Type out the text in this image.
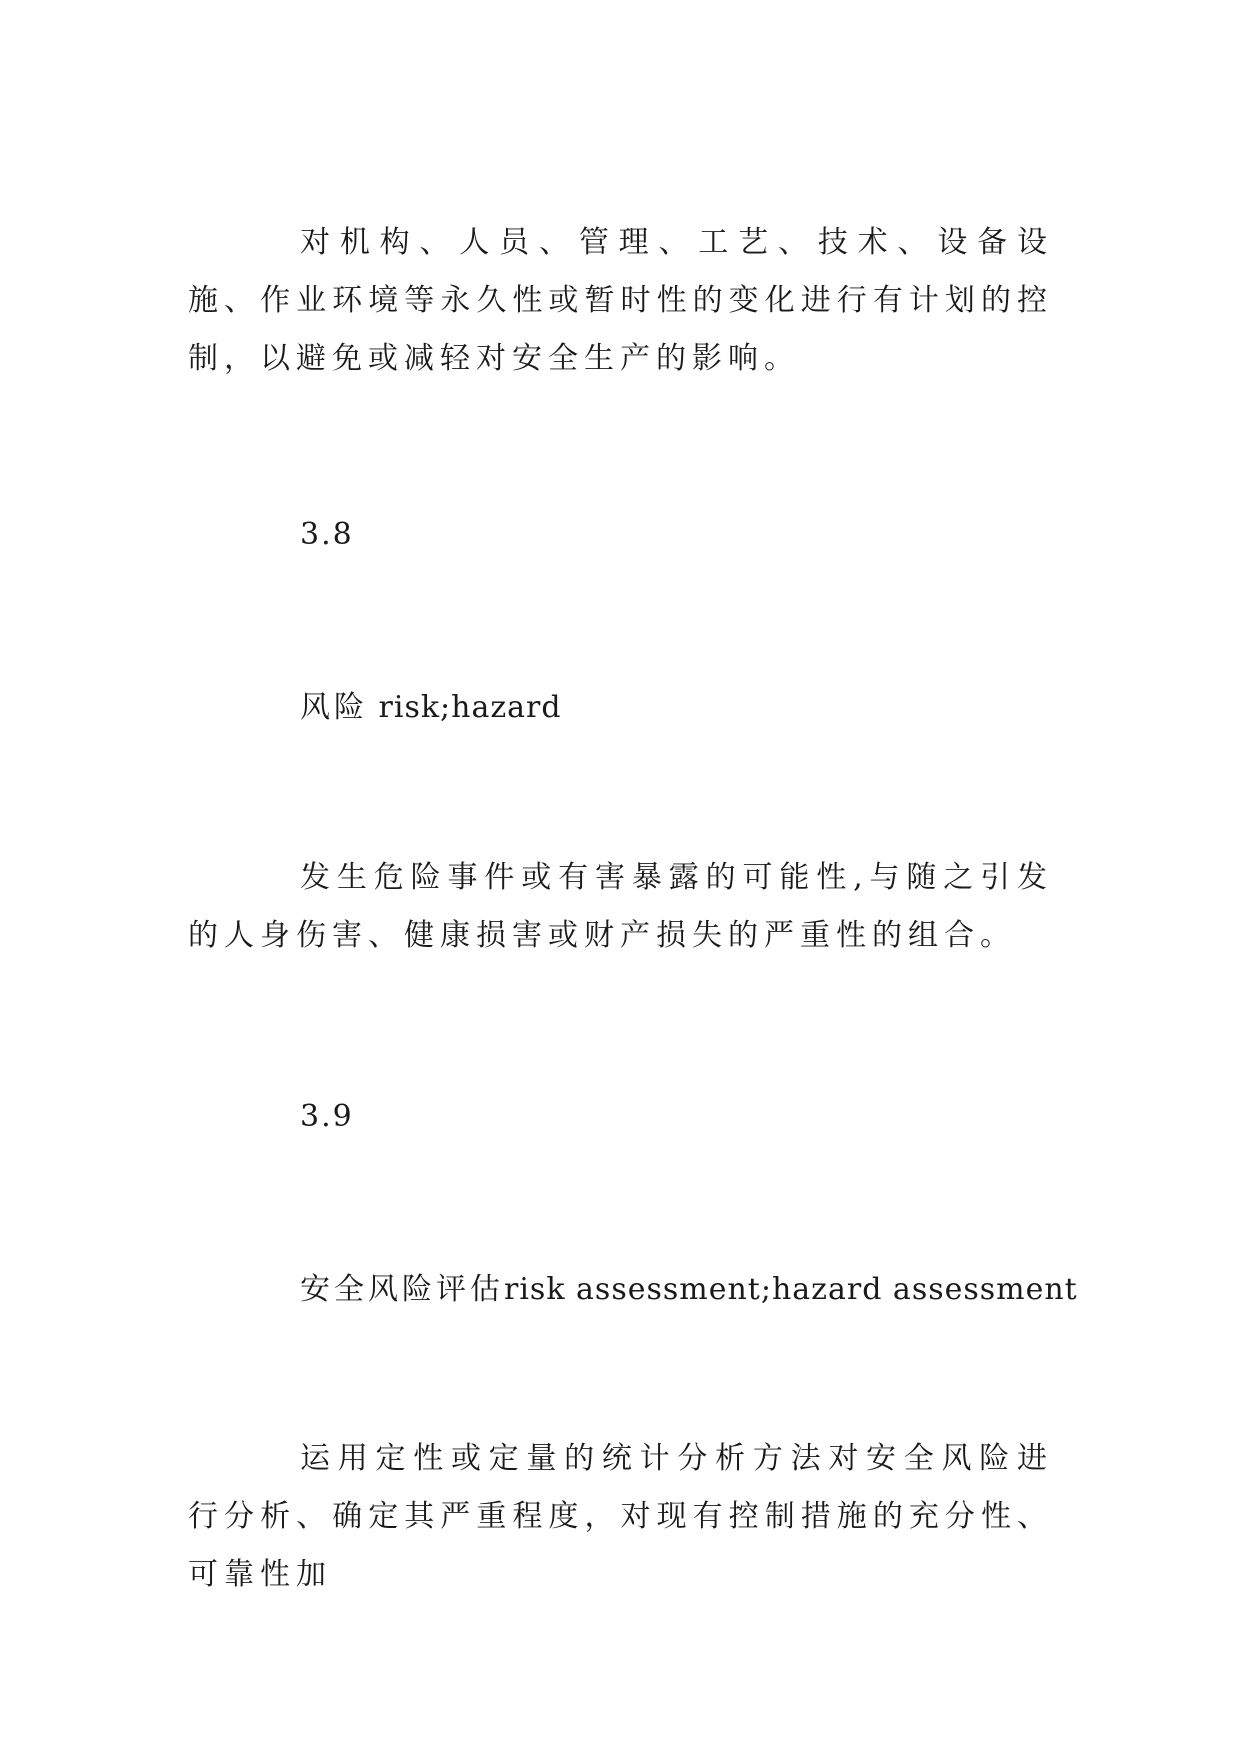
对机构、人员、管理、工艺、技术、设备设施、作业环境等永久性或暂时性的变化进行有计划的控制，以避免或减轻对安全生产的影响。

3.8

风险 risk;hazard

发生危险事件或有害暴露的可能性,与随之引发的人身伤害、健康损害或财产损失的严重性的组合。

3.9

安全风险评估risk assessment;hazard assessment

运用定性或定量的统计分析方法对安全风险进行分析、确定其严重程度，对现有控制措施的充分性、可靠性加
